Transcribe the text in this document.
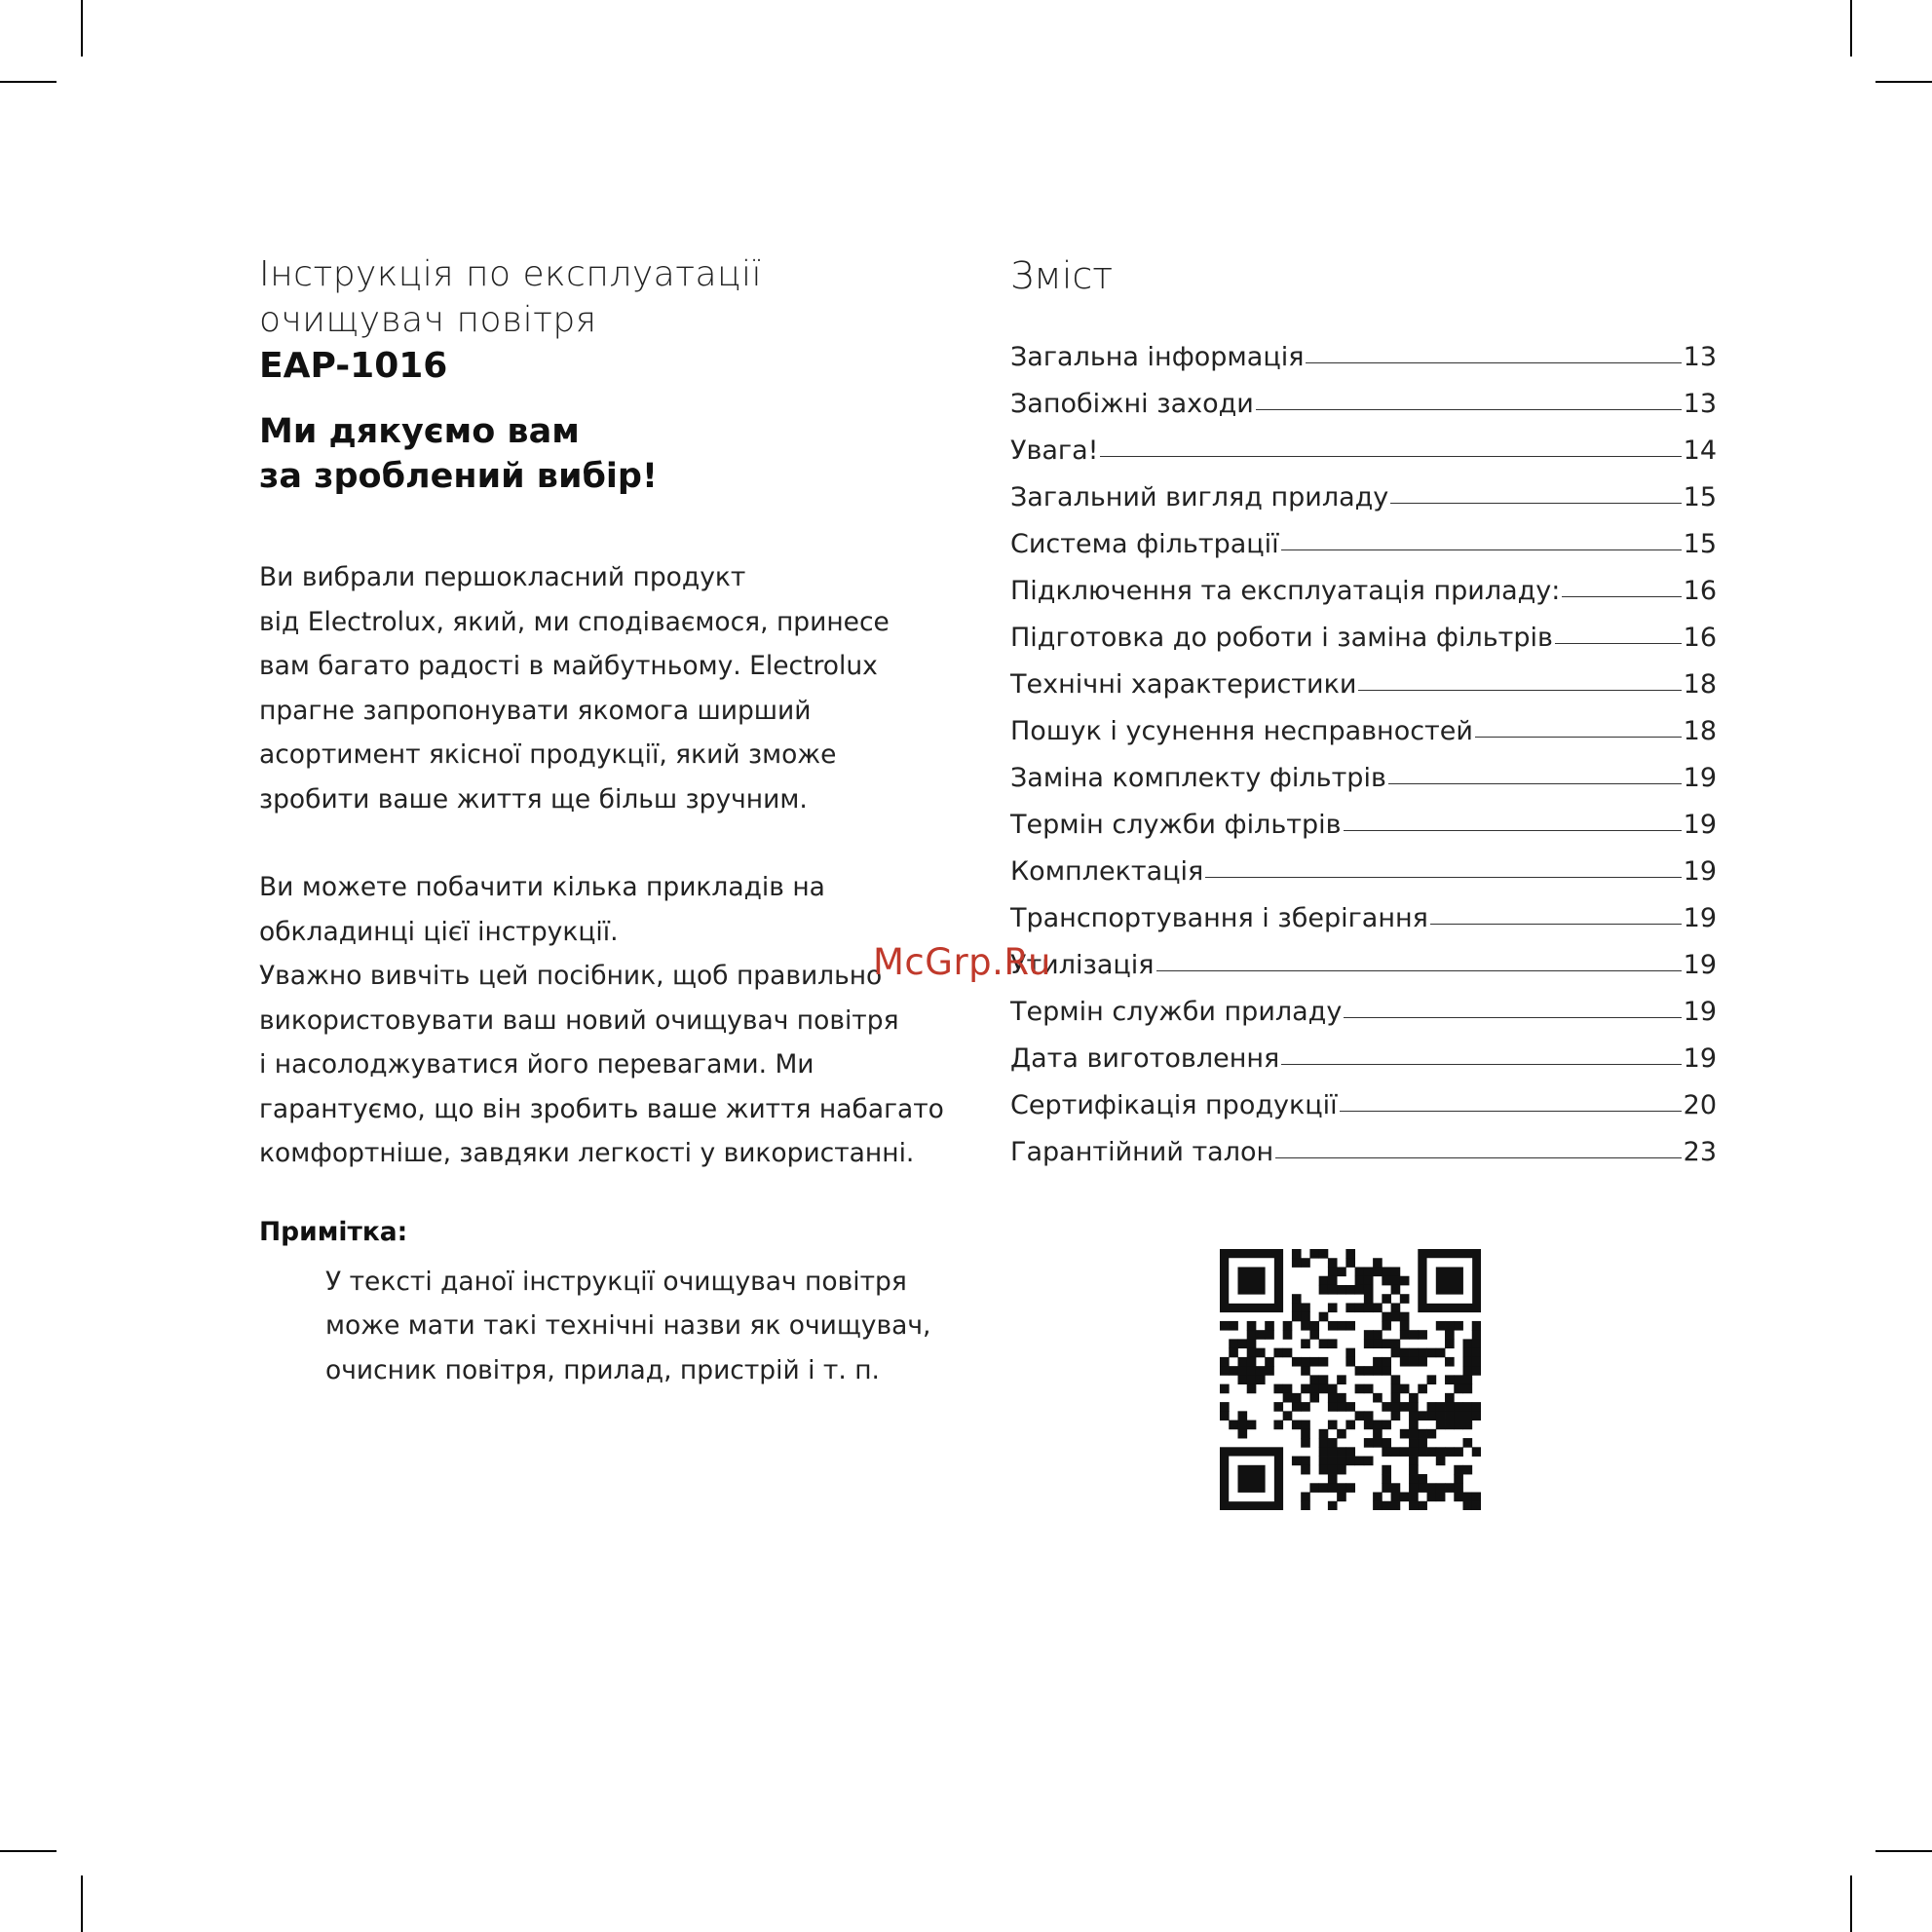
Інструкція по експлуатації
очищувач повітря
EAP-1016
Ми дякуємо вам
за зроблений вибір!
Ви вибрали першокласний продукт
від Electrolux, який, ми сподіваємося, принесе
вам багато радості в майбутньому. Electrolux
прагне запропонувати якомога ширший
асортимент якісної продукції, який зможе
зробити ваше життя ще більш зручним.
Ви можете побачити кілька прикладів на
обкладинці цієї інструкції.
Уважно вивчіть цей посібник, щоб правильно
використовувати ваш новий очищувач повітря
і насолоджуватися його перевагами. Ми
гарантуємо, що він зробить ваше життя набагато
комфортніше, завдяки легкості у використанні.
Примітка:
У тексті даної інструкції очищувач повітря
може мати такі технічні назви як очищувач,
очисник повітря, прилад, пристрій і т. п.
Зміст
Загальна інформація	13
Запобіжні заходи	13
Увага!	14
Загальний вигляд приладу	15
Система фільтрації	15
Підключення та експлуатація приладу:	16
Підготовка до роботи і заміна фільтрів	16
Технічні характеристики	18
Пошук і усунення несправностей	18
Заміна комплекту фільтрів	19
Термін служби фільтрів	19
Комплектація	19
Транспортування і зберігання	19
Утилізація	19
Термін служби приладу	19
Дата виготовлення	19
Сертифікація продукції	20
Гарантійний талон	23
McGrp.Ru
